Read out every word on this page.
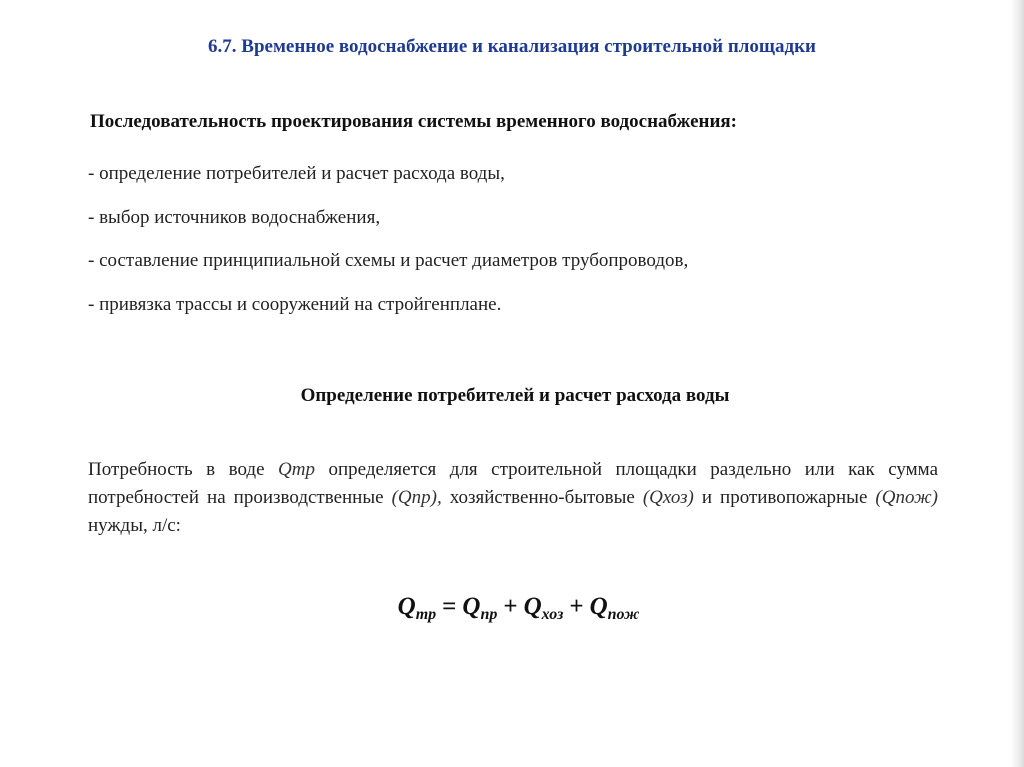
6.7. Временное водоснабжение и канализация строительной площадки
Последовательность проектирования системы временного водоснабжения:
- определение потребителей и расчет расхода воды,
- выбор источников водоснабжения,
- составление принципиальной схемы и расчет диаметров трубопроводов,
- привязка трассы и сооружений на стройгенплане.
Определение потребителей и расчет расхода воды

Потребность в воде Qтр определяется для строительной площадки раздельно или как сумма потребностей на производственные (Qпр), хозяйственно-бытовые (Qхоз) и противопожарные (Qпож) нужды, л/с:

$Q_{тр} = Q_{пр} + Q_{хоз} + Q_{пож}$
